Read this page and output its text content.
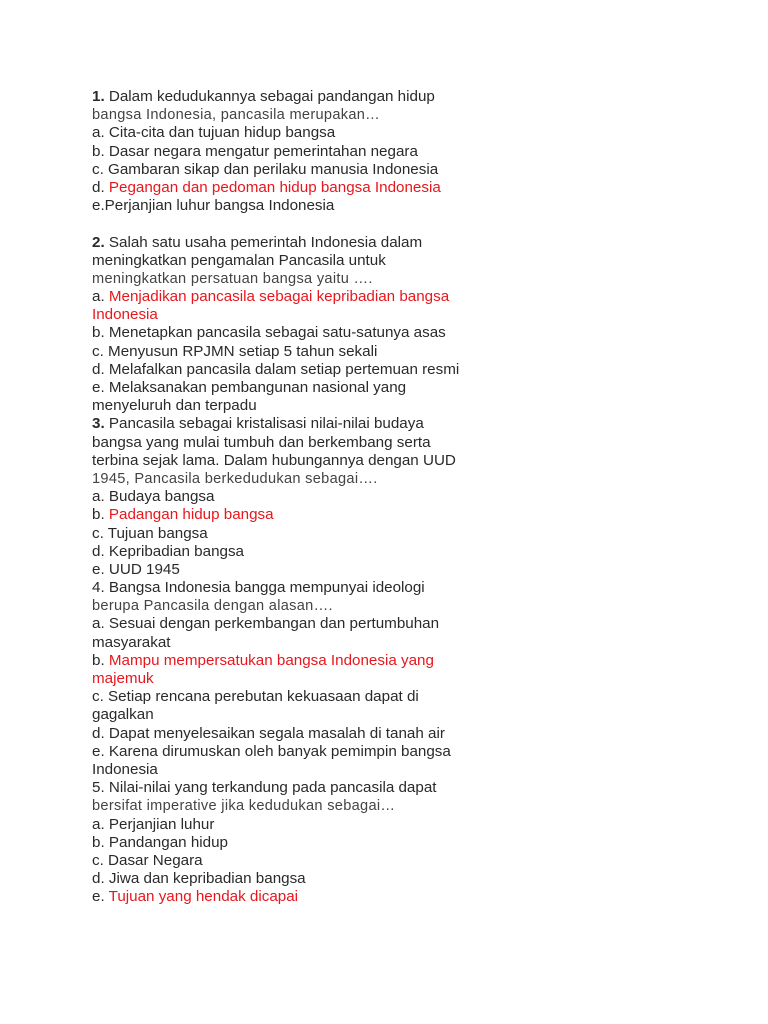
1. Dalam kedudukannya sebagai pandangan hidup
bangsa Indonesia, pancasila merupakan…
a. Cita-cita dan tujuan hidup bangsa
b. Dasar negara mengatur pemerintahan negara
c. Gambaran sikap dan perilaku manusia Indonesia
d. Pegangan dan pedoman hidup bangsa Indonesia
e.Perjanjian luhur bangsa Indonesia
2. Salah satu usaha pemerintah Indonesia dalam
meningkatkan pengamalan Pancasila untuk
meningkatkan persatuan bangsa yaitu ….
a. Menjadikan pancasila sebagai kepribadian bangsa
Indonesia
b. Menetapkan pancasila sebagai satu-satunya asas
c. Menyusun RPJMN setiap 5 tahun sekali
d. Melafalkan pancasila dalam setiap pertemuan resmi
e. Melaksanakan pembangunan nasional yang
menyeluruh dan terpadu
3. Pancasila sebagai kristalisasi nilai-nilai budaya
bangsa yang mulai tumbuh dan berkembang serta
terbina sejak lama. Dalam hubungannya dengan UUD
1945, Pancasila berkedudukan sebagai….
a. Budaya bangsa
b. Padangan hidup bangsa
c. Tujuan bangsa
d. Kepribadian bangsa
e. UUD 1945
4. Bangsa Indonesia bangga mempunyai ideologi
berupa Pancasila dengan alasan….
a. Sesuai dengan perkembangan dan pertumbuhan
masyarakat
b. Mampu mempersatukan bangsa Indonesia yang
majemuk
c. Setiap rencana perebutan kekuasaan dapat di
gagalkan
d. Dapat menyelesaikan segala masalah di tanah air
e. Karena dirumuskan oleh banyak pemimpin bangsa
Indonesia
5. Nilai-nilai yang terkandung pada pancasila dapat
bersifat imperative jika kedudukan sebagai…
a. Perjanjian luhur
b. Pandangan hidup
c. Dasar Negara
d. Jiwa dan kepribadian bangsa
e. Tujuan yang hendak dicapai
